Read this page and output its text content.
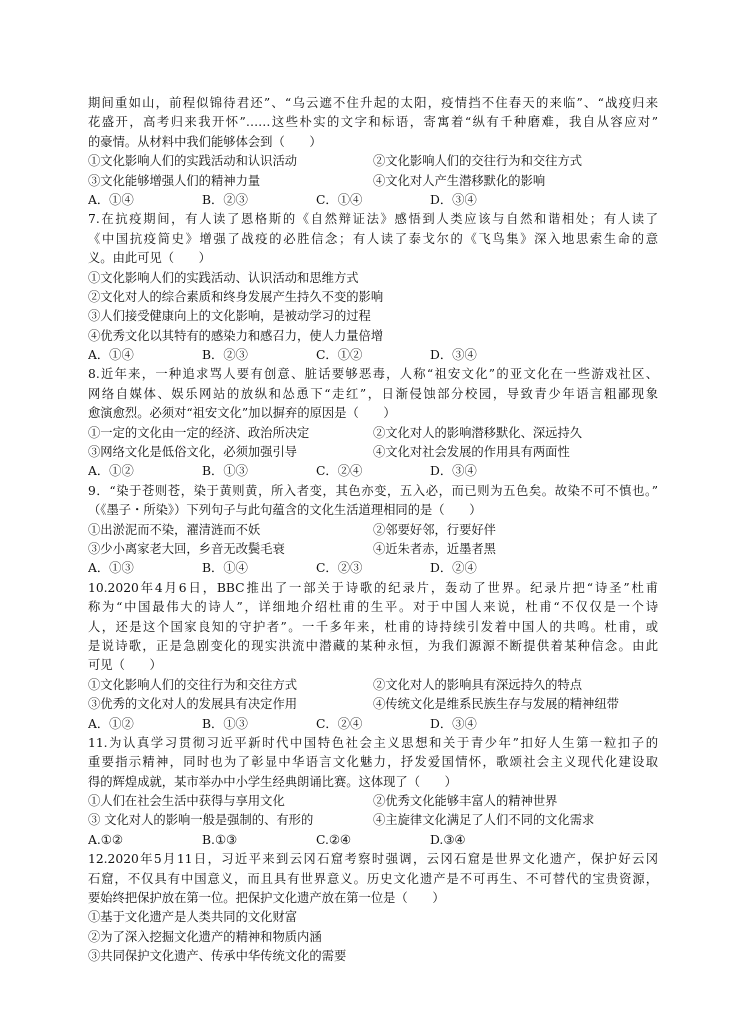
期间重如山，前程似锦待君还”、“乌云遮不住升起的太阳，疫情挡不住春天的来临”、“战疫归来
花盛开，高考归来我开怀”……这些朴实的文字和标语，寄寓着“纵有千种磨难，我自从容应对”
的豪情。从材料中我们能够体会到（　　）
①文化影响人们的实践活动和认识活动	②文化影响人们的交往行为和交往方式
③文化能够增强人们的精神力量	④文化对人产生潜移默化的影响
A．①④	B．②③	C．①④	D．③④
7.在抗疫期间，有人读了恩格斯的《自然辩证法》感悟到人类应该与自然和谐相处；有人读了
《中国抗疫简史》增强了战疫的必胜信念；有人读了泰戈尔的《飞鸟集》深入地思索生命的意
义。由此可见（　　）
①文化影响人们的实践活动、认识活动和思维方式
②文化对人的综合素质和终身发展产生持久不变的影响
③人们接受健康向上的文化影响，是被动学习的过程
④优秀文化以其特有的感染力和感召力，使人力量倍增
A．①④	B．②③	C．①②	D．③④
8.近年来，一种追求骂人要有创意、脏话要够恶毒，人称“祖安文化”的亚文化在一些游戏社区、
网络自媒体、娱乐网站的放纵和怂恿下“走红”，日渐侵蚀部分校园，导致青少年语言粗鄙现象
愈演愈烈。必须对“祖安文化”加以摒弃的原因是（　　）
①一定的文化由一定的经济、政治所决定	②文化对人的影响潜移默化、深远持久
③网络文化是低俗文化，必须加强引导	④文化对社会发展的作用具有两面性
A．①②	B．①③	C．②④	D．③④
9．“染于苍则苍，染于黄则黄，所入者变，其色亦变，五入必，而已则为五色矣。故染不可不慎也。”
（《墨子・所染》）下列句子与此句蕴含的文化生活道理相同的是（　　）
①出淤泥而不染，濯清涟而不妖	②邻要好邻，行要好伴
③少小离家老大回，乡音无改鬓毛衰	④近朱者赤，近墨者黑
A．①③	B．①④	C．②③	D．②④
10.2020年4月6日，BBC推出了一部关于诗歌的纪录片，轰动了世界。纪录片把“诗圣”杜甫
称为“中国最伟大的诗人”，详细地介绍杜甫的生平。对于中国人来说，杜甫“不仅仅是一个诗
人，还是这个国家良知的守护者”。一千多年来，杜甫的诗持续引发着中国人的共鸣。杜甫，或
是说诗歌，正是急剧变化的现实洪流中潜藏的某种永恒，为我们源源不断提供着某种信念。由此
可见（　　）
①文化影响人们的交往行为和交往方式	②文化对人的影响具有深远持久的特点
③优秀的文化对人的发展具有决定作用	④传统文化是维系民族生存与发展的精神纽带
A．①②	B．①③	C．②④	D．③④
11.为认真学习贯彻习近平新时代中国特色社会主义思想和关于青少年”扣好人生第一粒扣子的
重要指示精神，同时也为了彰显中华语言文化魅力，抒发爱国情怀，歌颂社会主义现代化建设取
得的辉煌成就，某市举办中小学生经典朗诵比赛。这体现了（　　）
①人们在社会生活中获得与享用文化	②优秀文化能够丰富人的精神世界
③ 文化对人的影响一般是强制的、有形的	④主旋律文化满足了人们不同的文化需求
A.①②	B.①③	C.②④	D.③④
12.2020年5月11日，习近平来到云冈石窟考察时强调，云冈石窟是世界文化遗产，保护好云冈
石窟，不仅具有中国意义，而且具有世界意义。历史文化遗产是不可再生、不可替代的宝贵资源，
要始终把保护放在第一位。把保护文化遗产放在第一位是（　　）
①基于文化遗产是人类共同的文化财富
②为了深入挖掘文化遗产的精神和物质内涵
③共同保护文化遗产、传承中华传统文化的需要
